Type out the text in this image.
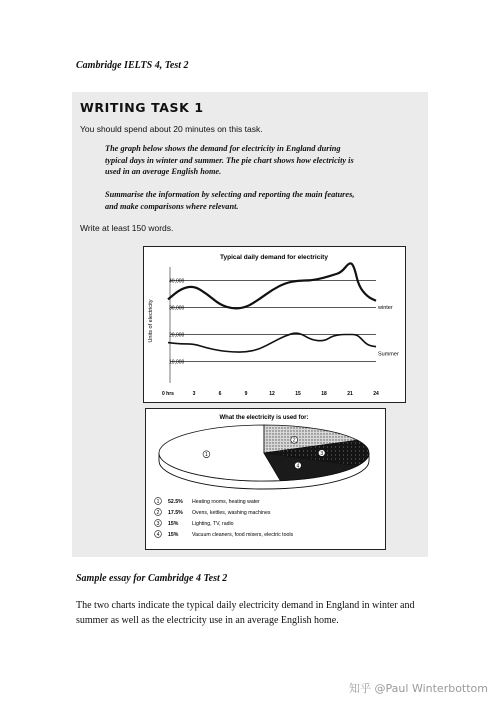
Cambridge IELTS 4, Test 2
WRITING TASK 1
You should spend about 20 minutes on this task.
The graph below shows the demand for electricity in England during
typical days in winter and summer. The pie chart shows how electricity is
used in an average English home.
Summarise the information by selecting and reporting the main features,
and make comparisons where relevant.
Write at least 150 words.
Typical daily demand for electricity
Units of electricity
10,000
20,000
30,000
40,000
0 hrs	3	6	9	12	15	18	21	24
winter
Summer
What the electricity is used for:
1
2
3
4
1 52.5% Heating rooms, heating water
2 17.5% Ovens, kettles, washing machines
3 15%	Lighting, TV, radio
4 15%	Vacuum cleaners, food mixers, electric tools
Sample essay for Cambridge 4 Test 2
The two charts indicate the typical daily electricity demand in England in winter and summer as well as the electricity use in an average English home.
知乎 @Paul Winterbottom
